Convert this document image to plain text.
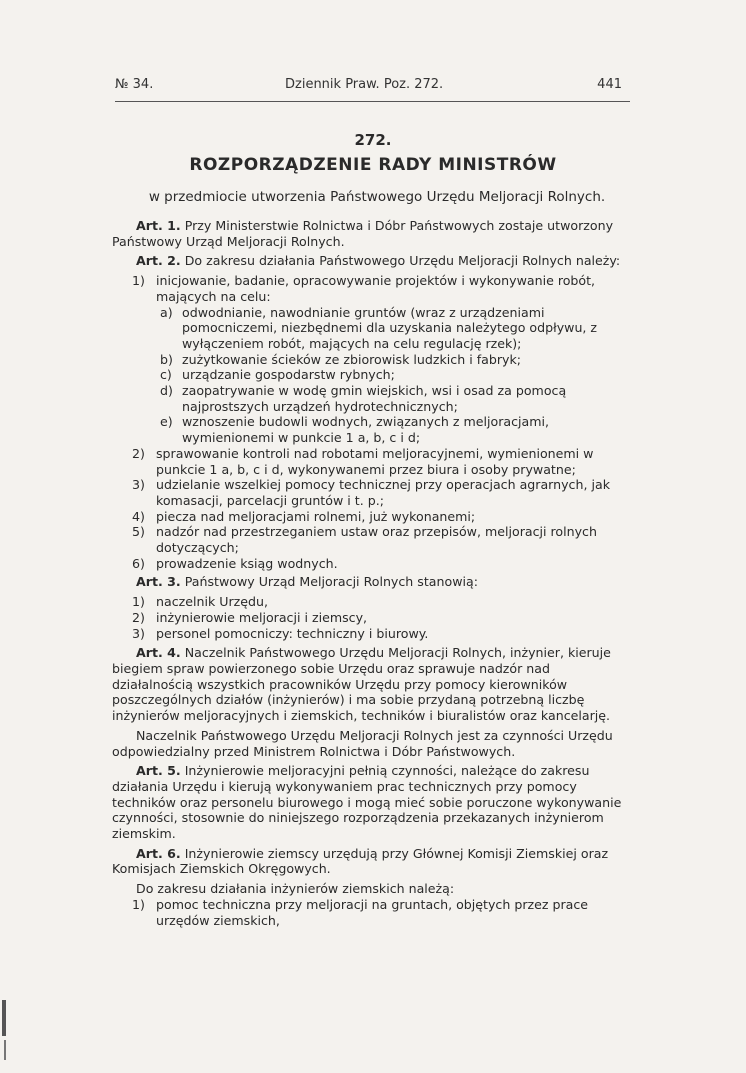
№ 34.	Dziennik Praw. Poz. 272.	441
272.
ROZPORZĄDZENIE RADY MINISTRÓW
w przedmiocie utworzenia Państwowego Urzędu Meljoracji Rolnych.
Art. 1. Przy Ministerstwie Rolnictwa i Dóbr Państwowych zostaje utworzony Państwowy Urząd Meljoracji Rolnych.
Art. 2. Do zakresu działania Państwowego Urzędu Meljoracji Rolnych należy:
1) inicjowanie, badanie, opracowywanie projektów i wykonywanie robót, mających na celu:
a) odwodnianie, nawodnianie gruntów (wraz z urządzeniami pomocniczemi, niezbędnemi dla uzyskania należytego odpływu, z wyłączeniem robót, mających na celu regulację rzek);
b) zużytkowanie ścieków ze zbiorowisk ludzkich i fabryk;
c) urządzanie gospodarstw rybnych;
d) zaopatrywanie w wodę gmin wiejskich, wsi i osad za pomocą najprostszych urządzeń hydrotechnicznych;
e) wznoszenie budowli wodnych, związanych z meljoracjami, wymienionemi w punkcie 1 a, b, c i d;
2) sprawowanie kontroli nad robotami meljoracyjnemi, wymienionemi w punkcie 1 a, b, c i d, wykonywanemi przez biura i osoby prywatne;
3) udzielanie wszelkiej pomocy technicznej przy operacjach agrarnych, jak komasacji, parcelacji gruntów i t. p.;
4) piecza nad meljoracjami rolnemi, już wykonanemi;
5) nadzór nad przestrzeganiem ustaw oraz przepisów, meljoracji rolnych dotyczących;
6) prowadzenie ksiąg wodnych.
Art. 3. Państwowy Urząd Meljoracji Rolnych stanowią:
1) naczelnik Urzędu,
2) inżynierowie meljoracji i ziemscy,
3) personel pomocniczy: techniczny i biurowy.
Art. 4. Naczelnik Państwowego Urzędu Meljoracji Rolnych, inżynier, kieruje biegiem spraw powierzonego sobie Urzędu oraz sprawuje nadzór nad działalnością wszystkich pracowników Urzędu przy pomocy kierowników poszczególnych działów (inżynierów) i ma sobie przydaną potrzebną liczbę inżynierów meljoracyjnych i ziemskich, techników i biuralistów oraz kancelarję.
Naczelnik Państwowego Urzędu Meljoracji Rolnych jest za czynności Urzędu odpowiedzialny przed Ministrem Rolnictwa i Dóbr Państwowych.
Art. 5. Inżynierowie meljoracyjni pełnią czynności, należące do zakresu działania Urzędu i kierują wykonywaniem prac technicznych przy pomocy techników oraz personelu biurowego i mogą mieć sobie poruczone wykonywanie czynności, stosownie do niniejszego rozporządzenia przekazanych inżynierom ziemskim.
Art. 6. Inżynierowie ziemscy urzędują przy Głównej Komisji Ziemskiej oraz Komisjach Ziemskich Okręgowych.
Do zakresu działania inżynierów ziemskich należą:
1) pomoc techniczna przy meljoracji na gruntach, objętych przez prace urzędów ziemskich,
